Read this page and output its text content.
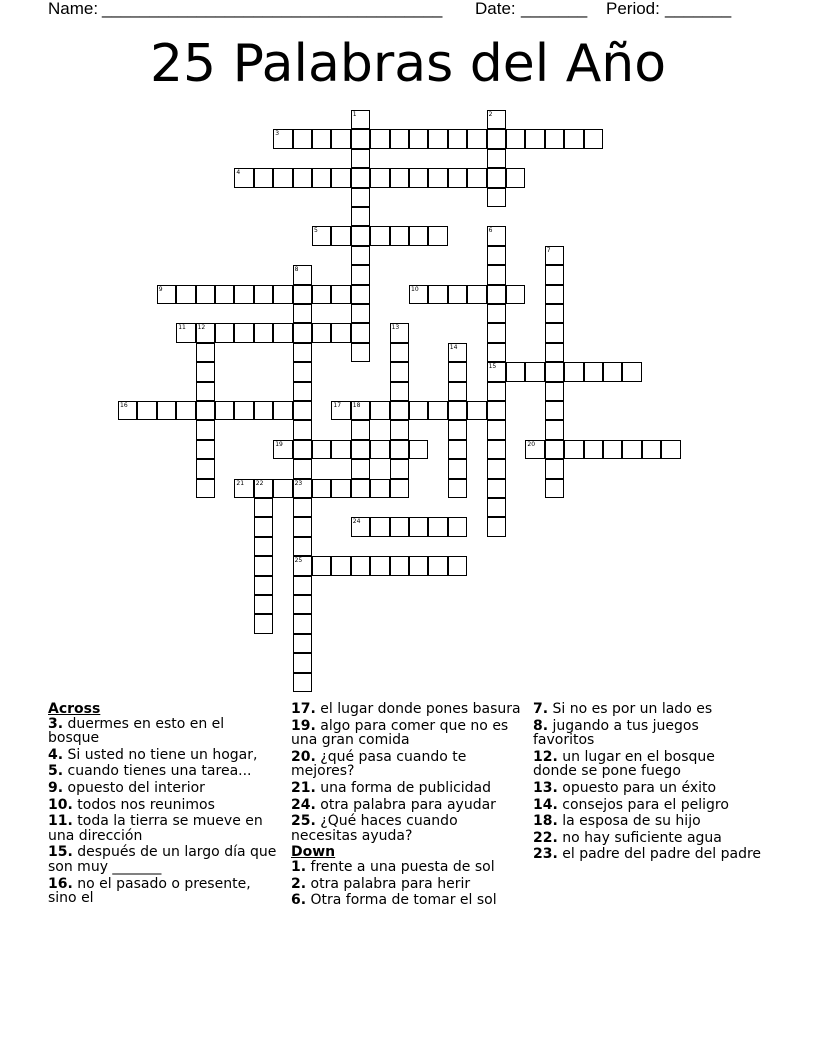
Name: ____________________________________ Date: _______ Period: _______
25 Palabras del Año
1	2
3
4
5	6
15
7
8
23
9	10
11 12	13
14
16	17 18
19	20
21 22
25
24
Across
3. duermes en esto en el bosque
4. Si usted no tiene un hogar,
5. cuando tienes una tarea...
9. opuesto del interior
10. todos nos reunimos
11. toda la tierra se mueve en una dirección
15. después de un largo día que son muy _______
16. no el pasado o presente, sino el
17. el lugar donde pones basura
19. algo para comer que no es una gran comida
20. ¿qué pasa cuando te mejores?
21. una forma de publicidad
24. otra palabra para ayudar
25. ¿Qué haces cuando necesitas ayuda?
Down
1. frente a una puesta de sol
2. otra palabra para herir
6. Otra forma de tomar el sol
7. Si no es por un lado es
8. jugando a tus juegos favoritos
12. un lugar en el bosque donde se pone fuego
13. opuesto para un éxito
14. consejos para el peligro
18. la esposa de su hijo
22. no hay suficiente agua
23. el padre del padre del padre
